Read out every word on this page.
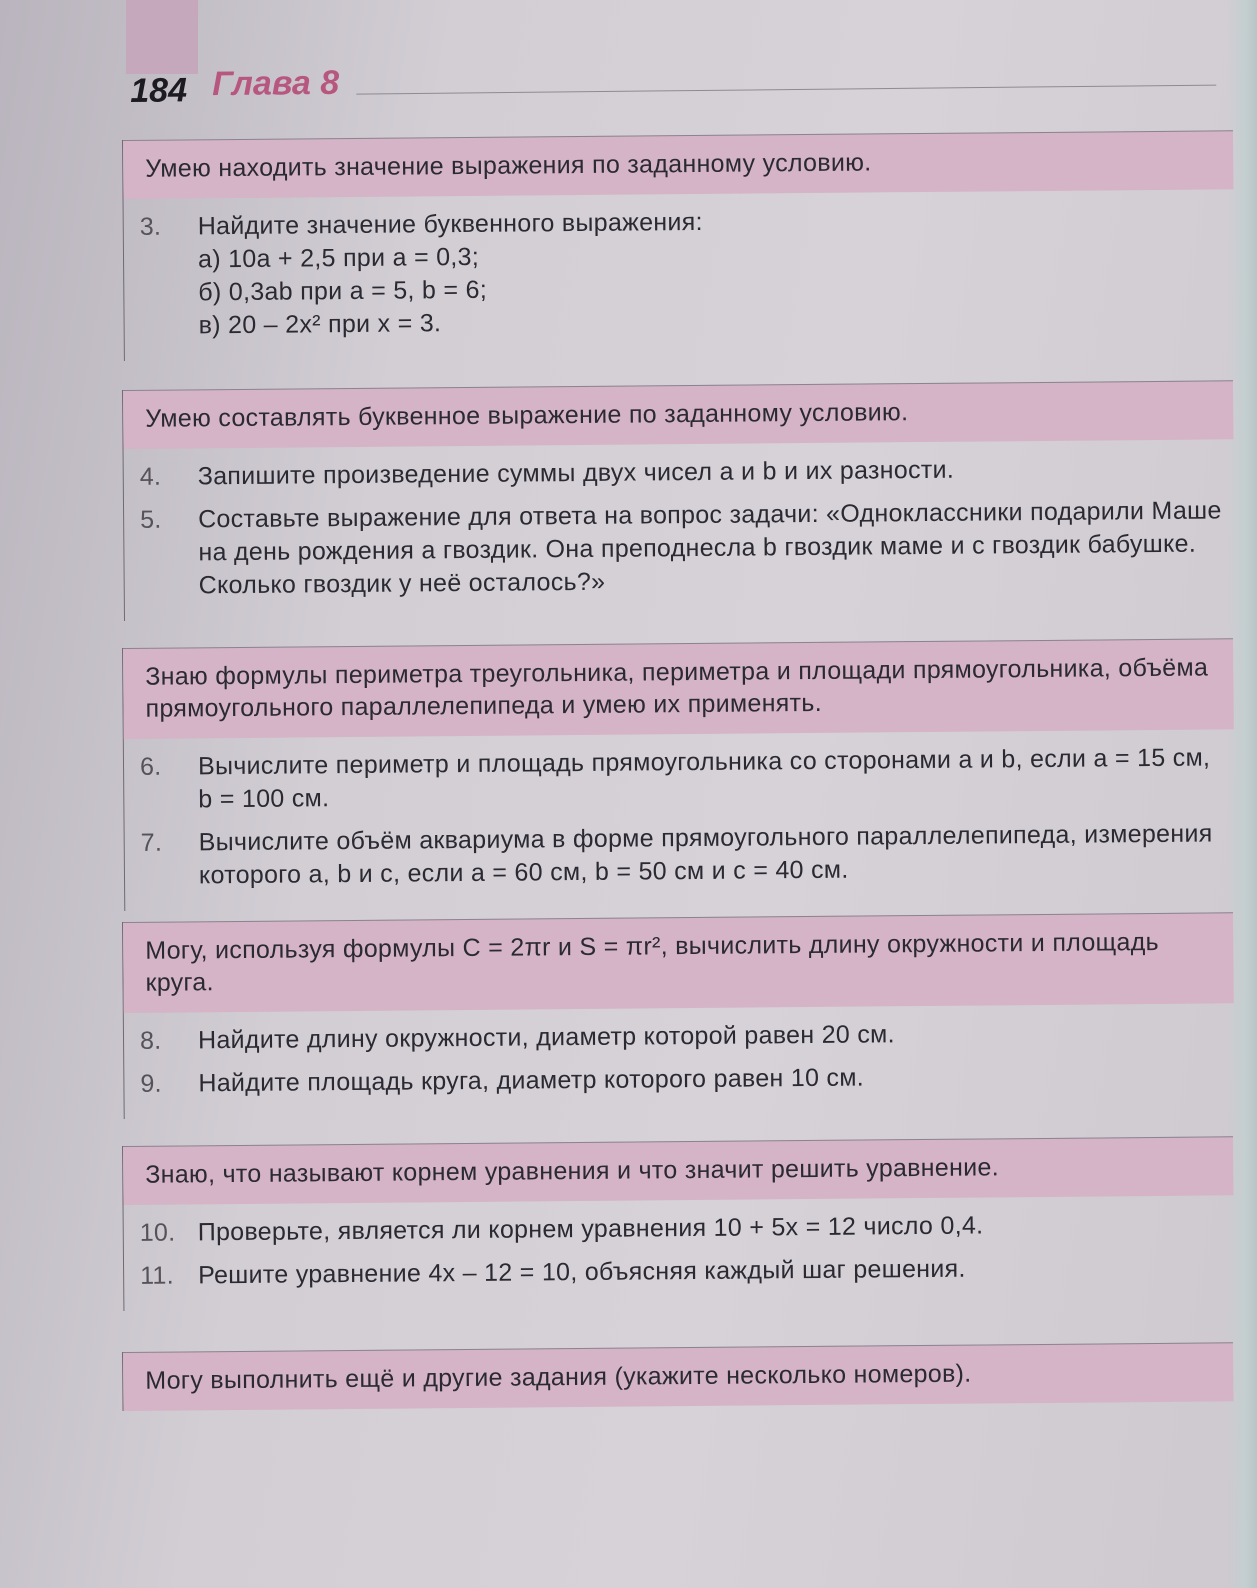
184 Глава 8
Умею находить значение выражения по заданному условию.
3.	Найдите значение буквенного выражения:
а) 10a + 2,5 при a = 0,3;
б) 0,3ab при a = 5, b = 6;
в) 20 – 2x² при x = 3.
Умею составлять буквенное выражение по заданному условию.
4.	Запишите произведение суммы двух чисел a и b и их разности.
5.	Составьте выражение для ответа на вопрос задачи: «Одноклассники подарили Маше на день рождения a гвоздик. Она преподнесла b гвоздик маме и c гвоздик бабушке. Сколько гвоздик у неё осталось?»
Знаю формулы периметра треугольника, периметра и площади прямоугольника, объёма прямоугольного параллелепипеда и умею их применять.
6.	Вычислите периметр и площадь прямоугольника со сторонами a и b, если a = 15 см, b = 100 см.
7.	Вычислите объём аквариума в форме прямоугольного параллелепипеда, измерения которого a, b и c, если a = 60 см, b = 50 см и c = 40 см.
Могу, используя формулы C = 2πr и S = πr², вычислить длину окружности и площадь круга.
8.	Найдите длину окружности, диаметр которой равен 20 см.
9.	Найдите площадь круга, диаметр которого равен 10 см.
Знаю, что называют корнем уравнения и что значит решить уравнение.
10. Проверьте, является ли корнем уравнения 10 + 5x = 12 число 0,4.
11. Решите уравнение 4x – 12 = 10, объясняя каждый шаг решения.
Могу выполнить ещё и другие задания (укажите несколько номеров).
